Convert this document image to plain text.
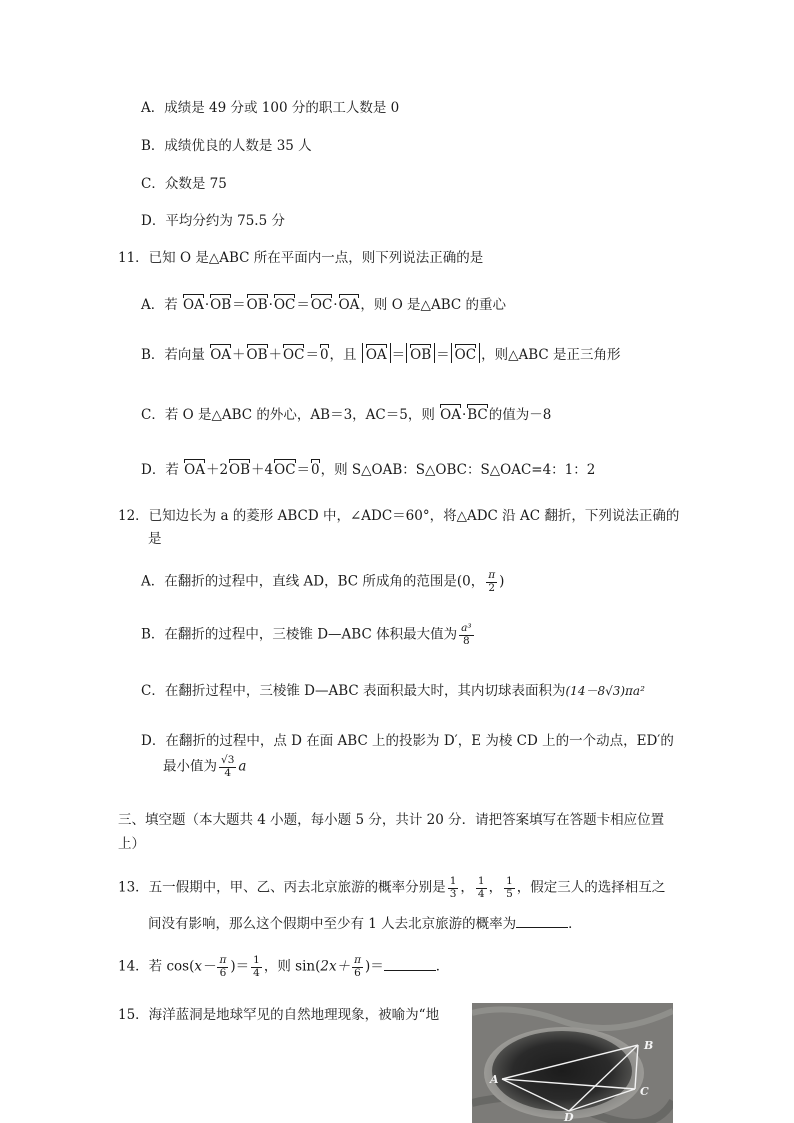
A．成绩是 49 分或 100 分的职工人数是 0
B．成绩优良的人数是 35 人
C．众数是 75
D．平均分约为 75.5 分
11．已知 O 是△ABC 所在平面内一点，则下列说法正确的是
A．若 OA·OB＝OB·OC＝OC·OA，则 O 是△ABC 的重心
B．若向量 OA＋OB＋OC＝0，且 OA ＝ OB ＝ OC ，则△ABC 是正三角形
C．若 O 是△ABC 的外心，AB＝3，AC＝5，则 OA·BC的值为－8
D．若 OA＋2OB＋4OC＝0，则 S△OAB：S△OBC：S△OAC=4：1：2
12．已知边长为 a 的菱形 ABCD 中，∠ADC＝60°，将△ADC 沿 AC 翻折，下列说法正确的
是
A．在翻折的过程中，直线 AD，BC 所成角的范围是(0， $\frac{\pi}{2}$ )
B．在翻折的过程中，三棱锥 D—ABC 体积最大值为 $\frac{\text{a³}}{8}$
C．在翻折过程中，三棱锥 D—ABC 表面积最大时，其内切球表面积为(14－8√3)πa²
D．在翻折的过程中，点 D 在面 ABC 上的投影为 D′，E 为棱 CD 上的一个动点，ED′的
最小值为 $\frac{√3}{4}$ a
三、填空题（本大题共 4 小题，每小题 5 分，共计 20 分．请把答案填写在答题卡相应位置
上）
13．五一假期中，甲、乙、丙去北京旅游的概率分别是 $\frac{1}{3}$ ， $\frac{1}{4}$ ， $\frac{1}{5}$ ，假定三人的选择相互之
间没有影响，那么这个假期中至少有 1 人去北京旅游的概率为	．
14．若 $\cos(x- \frac{\pi}{6}$ )＝ $\frac{1}{4}$ ，则 $\sin(2x+ \frac{\pi}{6}$ )＝	．
15．海洋蓝洞是地球罕见的自然地理现象，被喻为“地
A
B
C
D
